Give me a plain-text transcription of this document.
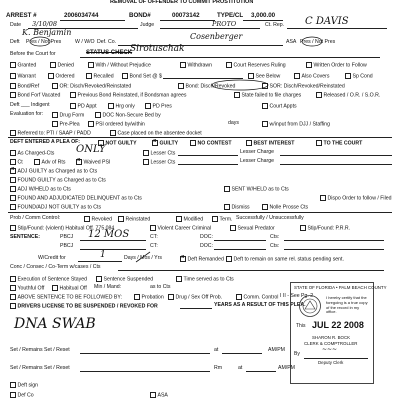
REMOVAL OF OFFENDER TO COMMIT PROSTITUTION
ARREST #	2006034744	BOND#	00073142	TYPE/CL 3,000.00
Date 3/10/08	Judge	PROTO	Ct. Rep. C DAVIS
K. Benjamin
Deft Pres / Not Pres	W / W/O Def. Co.
Cosenberger
ASA Pres / Not Pres
Before the Court for	STATUS CHECK
Sirotuschak
Granted	Denied	With / Without Prejudice	Withdrawn	Court Reserves Ruling	Written Order to Follow
Warrant	Ordered	Recalled	Bond Set @ $	See Below	Also Covers	Sp Cond
Bond/Ref	OR: Disch/Revoked/Reinstated	Bond: Disch/Revoked	SOR: Disch/Revoked/Reinstated
Bond Forf Vacated	Previous Bond Reinstated, if Bondsman agrees	State failed to file charges	Released / O.R. / S.O.R.
Deft ___ Indigent	PD Appt	Hrg only	PD Pres	Court Appts
Evaluation for:	Drug Form	DOC Non-Secure Bed by
Pre-Plea	PSI ordered by/within	days	w/input from DJJ / Staffing
Referred to: PTI / SAAP / PADD	Case placed on the absentee docket
DEFT ENTERED A PLEA OF:	NOT GUILTY x	GUILTY	NO CONTEST	BEST INTEREST	TO THE COURT
As Charged-Cts ONLY	Lesser Cts	Lesser Charge
Ct	Adv of Rts x	Waived PSI	Lesser Cts	Lesser Charge
xADJ GUILTY as Charged as to Cts
FOUND GUILTY as Charged as to Cts
ADJ W/HELD as to Cts
FOUND AND ADJUDICATED DELINQUENT as to Cts
FOUND/ADJ NOT GUILTY as to Cts
SENT W/HELD as to Cts
Dispo Order to follow / Filed
Dismiss	Nolle Prosse Cts
Prob / Comm Control:	Revoked	Reinstated	Modified	Term. Successfully / Unsuccessfully
Stip/Found: (violent) Habitual Off. 775.084	Violent Career Criminal	Sexual Predator	Stip/Found: P.R.R.
SENTENCE:	PBCJ 12 MOS	CT:	DOC:	Cts:
PBCJ	CT:	DOC:	Cts:
W/Credit for	1	Days / Mos / Yrs x	Deft Remanded	Deft to remain on same rel. status pending sent.
Conc / Consec / Co-Term w/cases / Cts
Execution of Sentence Stayed	Sentence Suspended	Time served as to Cts
Youthful Off	Habitual Off Min / Mand:	as to Cts
ABOVE SENTENCE TO BE FOLLOWED BY:	Probation	Drug / Sex Off Prob.	Comm. Control I II - See Pg. 2
DRIVERS LICENSE TO BE SUSPENDED / REVOKED FOR	YEARS AS A RESULT OF THIS PLEA.
DNA SWAB
STATE OF FLORIDA • PALM BEACH COUNTY
I hereby certify that the foregoing is a true copy of the record in my office.
This JUL 22 2008
SHARON R. BOCK
CLERK & COMPTROLLER
By
Deputy Clerk
~~~
Set / Remains Set / Reset	at	AM/PM
Set / Remains Set / Reset	Rm	at	AM/PM
Deft sign
Def Co	ASA
